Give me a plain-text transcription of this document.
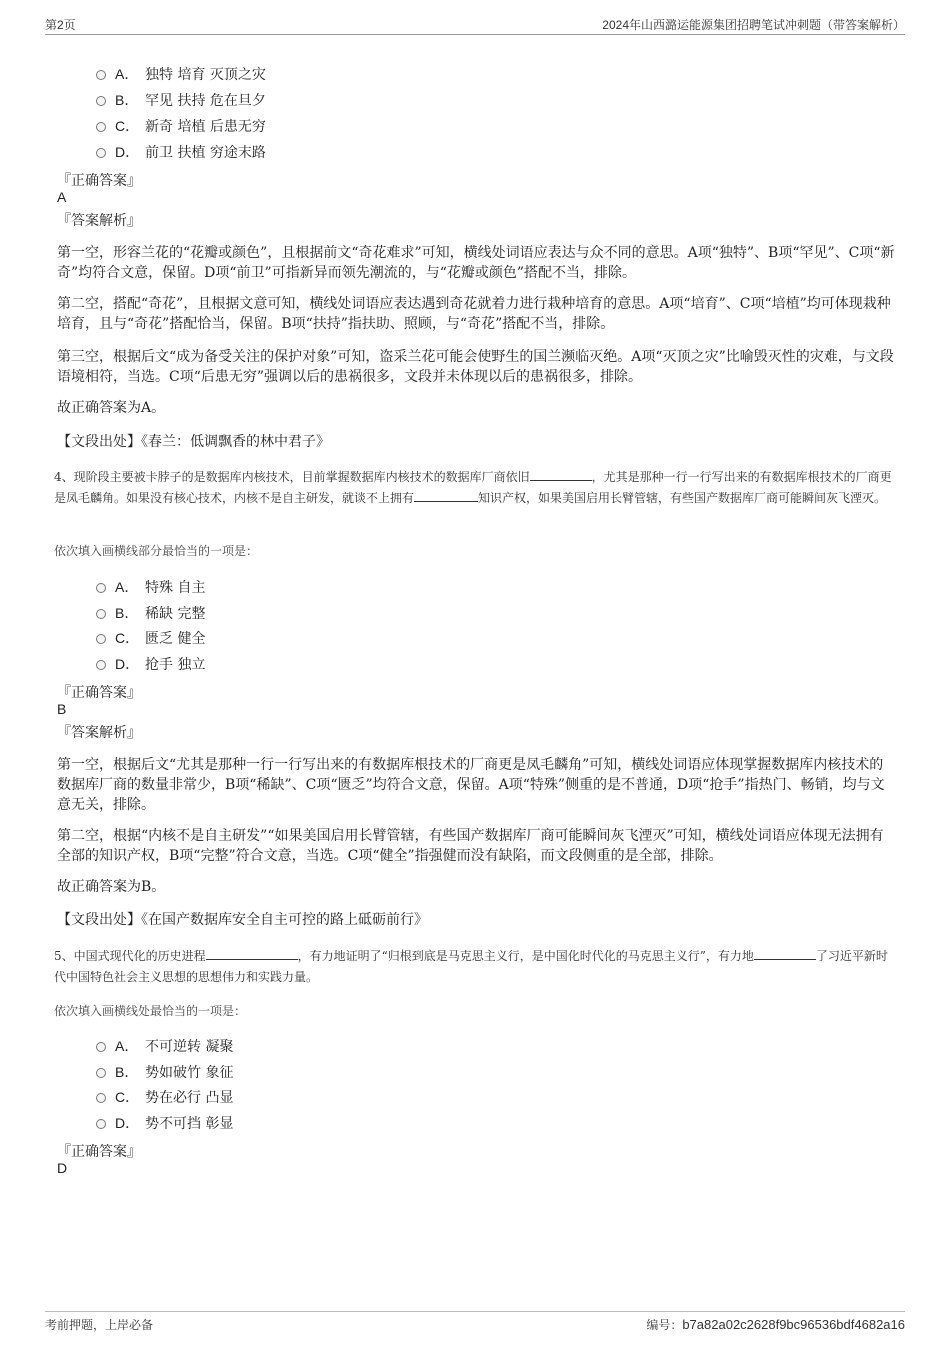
第2页	2024年山西潞运能源集团招聘笔试冲刺题（带答案解析）
A． 独特 培育 灭顶之灾
B． 罕见 扶持 危在旦夕
C． 新奇 培植 后患无穷
D． 前卫 扶植 穷途末路
『正确答案』
A
『答案解析』
第一空，形容兰花的“花瓣或颜色”，且根据前文“奇花难求”可知，横线处词语应表达与众不同的意思。A项“独特”、B项“罕见”、C项“新奇”均符合文意，保留。D项“前卫”可指新异而领先潮流的，与“花瓣或颜色”搭配不当，排除。
第二空，搭配“奇花”，且根据文意可知，横线处词语应表达遇到奇花就着力进行栽种培育的意思。A项“培育”、C项“培植”均可体现栽种培育，且与“奇花”搭配恰当，保留。B项“扶持”指扶助、照顾，与“奇花”搭配不当，排除。
第三空，根据后文“成为备受关注的保护对象”可知，盗采兰花可能会使野生的国兰濒临灭绝。A项“灭顶之灾”比喻毁灭性的灾难，与文段语境相符，当选。C项“后患无穷”强调以后的患祸很多，文段并未体现以后的患祸很多，排除。
故正确答案为A。
【文段出处】《春兰：低调飘香的林中君子》
4、现阶段主要被卡脖子的是数据库内核技术，目前掌握数据库内核技术的数据库厂商依旧	，尤其是那种一行一行写出来的有数据库根技术的厂商更是凤毛麟角。如果没有核心技术，内核不是自主研发，就谈不上拥有	知识产权，如果美国启用长臂管辖，有些国产数据库厂商可能瞬间灰飞湮灭。
依次填入画横线部分最恰当的一项是：
A． 特殊 自主
B． 稀缺 完整
C． 匮乏 健全
D． 抢手 独立
『正确答案』
B
『答案解析』
第一空，根据后文“尤其是那种一行一行写出来的有数据库根技术的厂商更是凤毛麟角”可知，横线处词语应体现掌握数据库内核技术的数据库厂商的数量非常少，B项“稀缺”、C项“匮乏”均符合文意，保留。A项“特殊”侧重的是不普通，D项“抢手”指热门、畅销，均与文意无关，排除。
第二空，根据“内核不是自主研发”“如果美国启用长臂管辖，有些国产数据库厂商可能瞬间灰飞湮灭”可知，横线处词语应体现无法拥有全部的知识产权，B项“完整”符合文意，当选。C项“健全”指强健而没有缺陷，而文段侧重的是全部，排除。
故正确答案为B。
【文段出处】《在国产数据库安全自主可控的路上砥砺前行》
5、中国式现代化的历史进程	，有力地证明了“归根到底是马克思主义行，是中国化时代化的马克思主义行”，有力地	了习近平新时代中国特色社会主义思想的思想伟力和实践力量。
依次填入画横线处最恰当的一项是：
A． 不可逆转 凝聚
B． 势如破竹 象征
C． 势在必行 凸显
D． 势不可挡 彰显
『正确答案』
D
考前押题，上岸必备	编号：b7a82a02c2628f9bc96536bdf4682a16
